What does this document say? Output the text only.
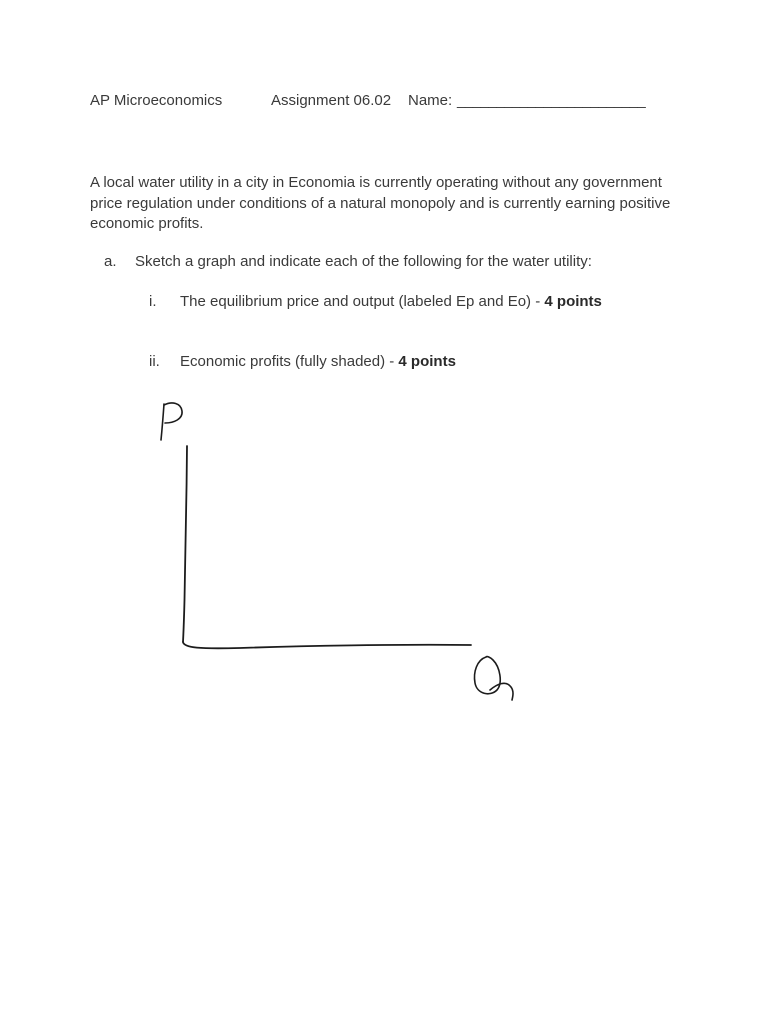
AP Microeconomics	Assignment 06.02 Name: ________________________

A local water utility in a city in Economia is currently operating without any government price regulation under conditions of a natural monopoly and is currently earning positive economic profits.

a. Sketch a graph and indicate each of the following for the water utility:
i. The equilibrium price and output (labeled Ep and Eo) - 4 points
ii. Economic profits (fully shaded) - 4 points
